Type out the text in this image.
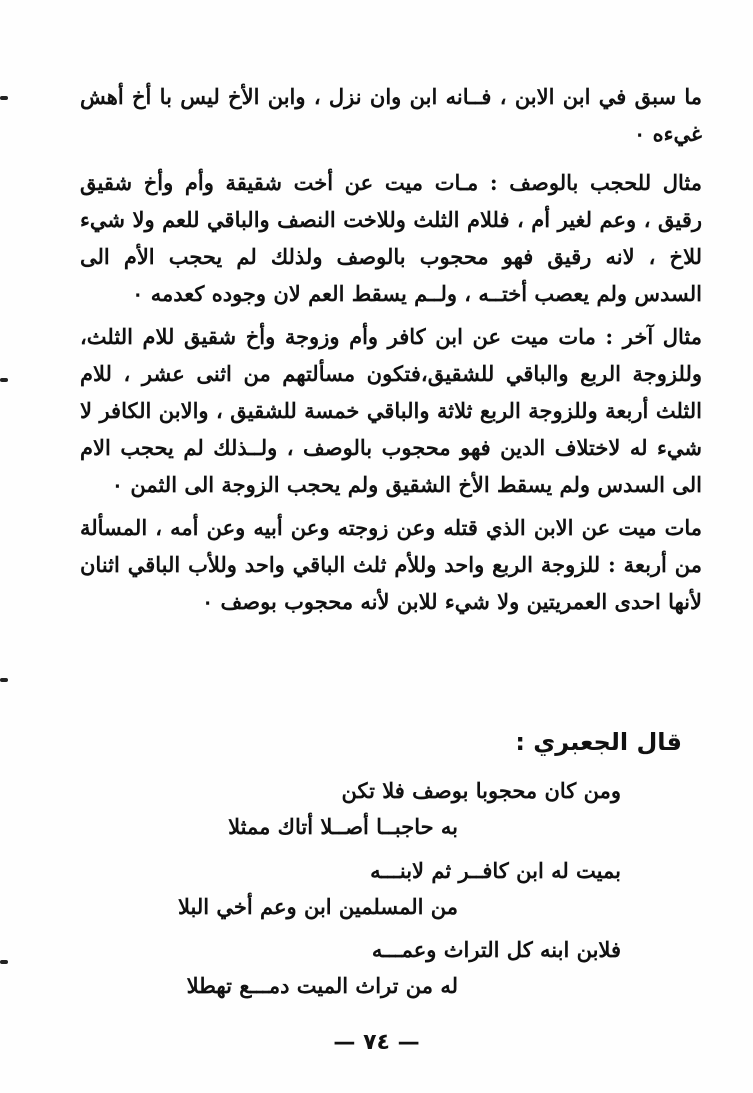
ما سبق في ابن الابن ، فــانه ابن وان نزل ، وابن الأخ ليس با أخ أهش غيءه ٠

مثال للحجب بالوصف : مـات ميت عن أخت شقيقة وأم وأخ شقيق رقيق ، وعم لغير أم ، فللام الثلث وللاخت النصف والباقي للعم ولا شيء للاخ ، لانه رقيق فهو محجوب بالوصف ولذلك لم يحجب الأم الى السدس ولم يعصب أختــه ، ولــم يسقط العم لان وجوده كعدمه ٠

مثال آخر : مات ميت عن ابن كافر وأم وزوجة وأخ شقيق للام الثلث، وللزوجة الربع والباقي للشقيق،فتكون مسألتهم من اثنى عشر ، للام الثلث أربعة وللزوجة الربع ثلاثة والباقي خمسة للشقيق ، والابن الكافر لا شيء له لاختلاف الدين فهو محجوب بالوصف ، ولــذلك لم يحجب الام الى السدس ولم يسقط الأخ الشقيق ولم يحجب الزوجة الى الثمن ٠

مات ميت عن الابن الذي قتله وعن زوجته وعن أبيه وعن أمه ، المسألة من أربعة : للزوجة الربع واحد وللأم ثلث الباقي واحد وللأب الباقي اثنان لأنها احدى العمريتين ولا شيء للابن لأنه محجوب بوصف ٠

قال الجعبري :
ومن كان محجوبا بوصف فلا تكن
به حاجبــا أصــلا أتاك ممثلا
بميت له ابن كافــر ثم لابنـــه
من المسلمين ابن وعم أخي البلا
فلابن ابنه كل التراث وعمـــه
له من تراث الميت دمـــع تهطلا
— ٧٤ —
